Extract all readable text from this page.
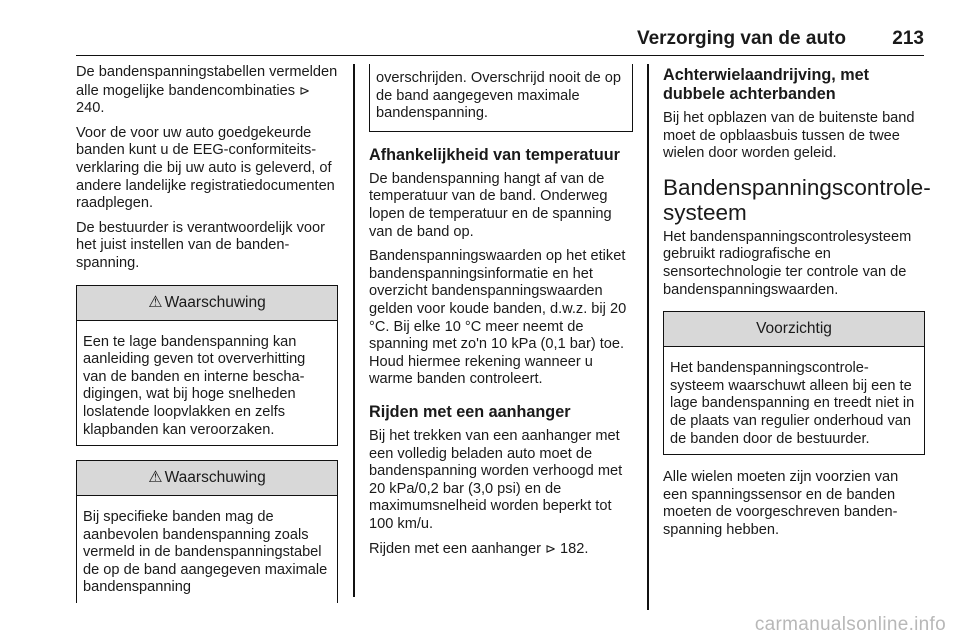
Verzorging van de auto 213

De bandenspanningstabellen vermelden alle mogelijke bandencombinaties ⊳ 240.

Voor de voor uw auto goedgekeurde banden kunt u de EEG-conformiteitsverklaring die bij uw auto is geleverd, of andere landelijke registratiedocumenten raadplegen.

De bestuurder is verantwoordelijk voor het juist instellen van de bandenspanning.

⚠ Waarschuwing

Een te lage bandenspanning kan aanleiding geven tot oververhitting van de banden en interne beschadigingen, wat bij hoge snelheden loslatende loopvlakken en zelfs klapbanden kan veroorzaken.

⚠ Waarschuwing

Bij specifieke banden mag de aanbevolen bandenspanning zoals vermeld in de bandenspanningstabel de op de band aangegeven maximale bandenspanning

overschrijden. Overschrijd nooit de op de band aangegeven maximale bandenspanning.

Afhankelijkheid van temperatuur

De bandenspanning hangt af van de temperatuur van de band. Onderweg lopen de temperatuur en de spanning van de band op.

Bandenspanningswaarden op het etiket bandenspanningsinformatie en het overzicht bandenspanningswaarden gelden voor koude banden, d.w.z. bij 20 °C. Bij elke 10 °C meer neemt de spanning met zo'n 10 kPa (0,1 bar) toe. Houd hiermee rekening wanneer u warme banden controleert.

Rijden met een aanhanger

Bij het trekken van een aanhanger met een volledig beladen auto moet de bandenspanning worden verhoogd met 20 kPa/0,2 bar (3,0 psi) en de maximumsnelheid worden beperkt tot 100 km/u.

Rijden met een aanhanger ⊳ 182.

Achterwielaandrijving, met dubbele achterbanden

Bij het opblazen van de buitenste band moet de opblaasbuis tussen de twee wielen door worden geleid.

Bandenspanningscontrolesysteem

Het bandenspanningscontrolesysteem gebruikt radiografische en sensortechnologie ter controle van de bandenspanningswaarden.

Voorzichtig

Het bandenspanningscontrolesysteem waarschuwt alleen bij een te lage bandenspanning en treedt niet in de plaats van regulier onderhoud van de banden door de bestuurder.

Alle wielen moeten zijn voorzien van een spanningssensor en de banden moeten de voorgeschreven bandenspanning hebben.

carmanualsonline.info
